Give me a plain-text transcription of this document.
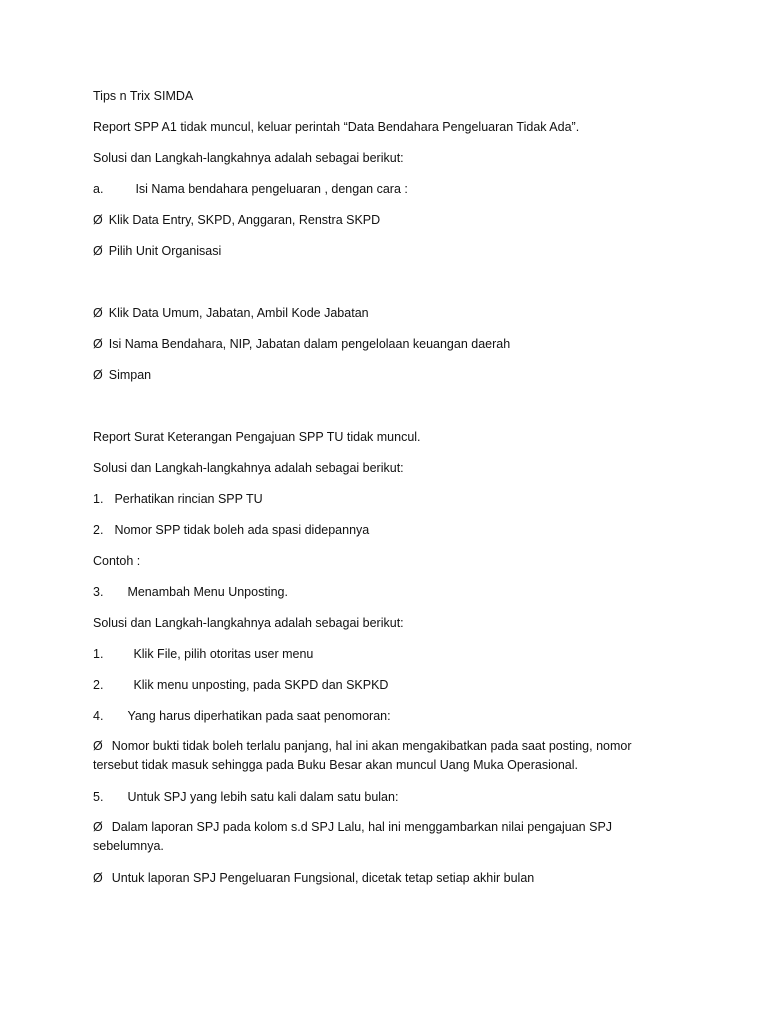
Tips n Trix SIMDA
Report SPP A1 tidak muncul, keluar perintah “Data Bendahara Pengeluaran Tidak Ada”.
Solusi dan Langkah-langkahnya adalah sebagai berikut:
a.	Isi Nama bendahara pengeluaran , dengan cara :
Ø Klik Data Entry, SKPD, Anggaran, Renstra SKPD
Ø Pilih Unit Organisasi
Ø Klik Data Umum, Jabatan, Ambil Kode Jabatan
Ø Isi Nama Bendahara, NIP, Jabatan dalam pengelolaan keuangan daerah
Ø Simpan
Report Surat Keterangan Pengajuan SPP TU tidak muncul.
Solusi dan Langkah-langkahnya adalah sebagai berikut:
1. Perhatikan rincian SPP TU
2. Nomor SPP tidak boleh ada spasi didepannya
Contoh :
3. Menambah Menu Unposting.
Solusi dan Langkah-langkahnya adalah sebagai berikut:
1. Klik File, pilih otoritas user menu
2. Klik menu unposting, pada SKPD dan SKPKD
4. Yang harus diperhatikan pada saat penomoran:
Ø Nomor bukti tidak boleh terlalu panjang, hal ini akan mengakibatkan pada saat posting, nomor tersebut tidak masuk sehingga pada Buku Besar akan muncul Uang Muka Operasional.
5. Untuk SPJ yang lebih satu kali dalam satu bulan:
Ø Dalam laporan SPJ pada kolom s.d SPJ Lalu, hal ini menggambarkan nilai pengajuan SPJ sebelumnya.
Ø Untuk laporan SPJ Pengeluaran Fungsional, dicetak tetap setiap akhir bulan
